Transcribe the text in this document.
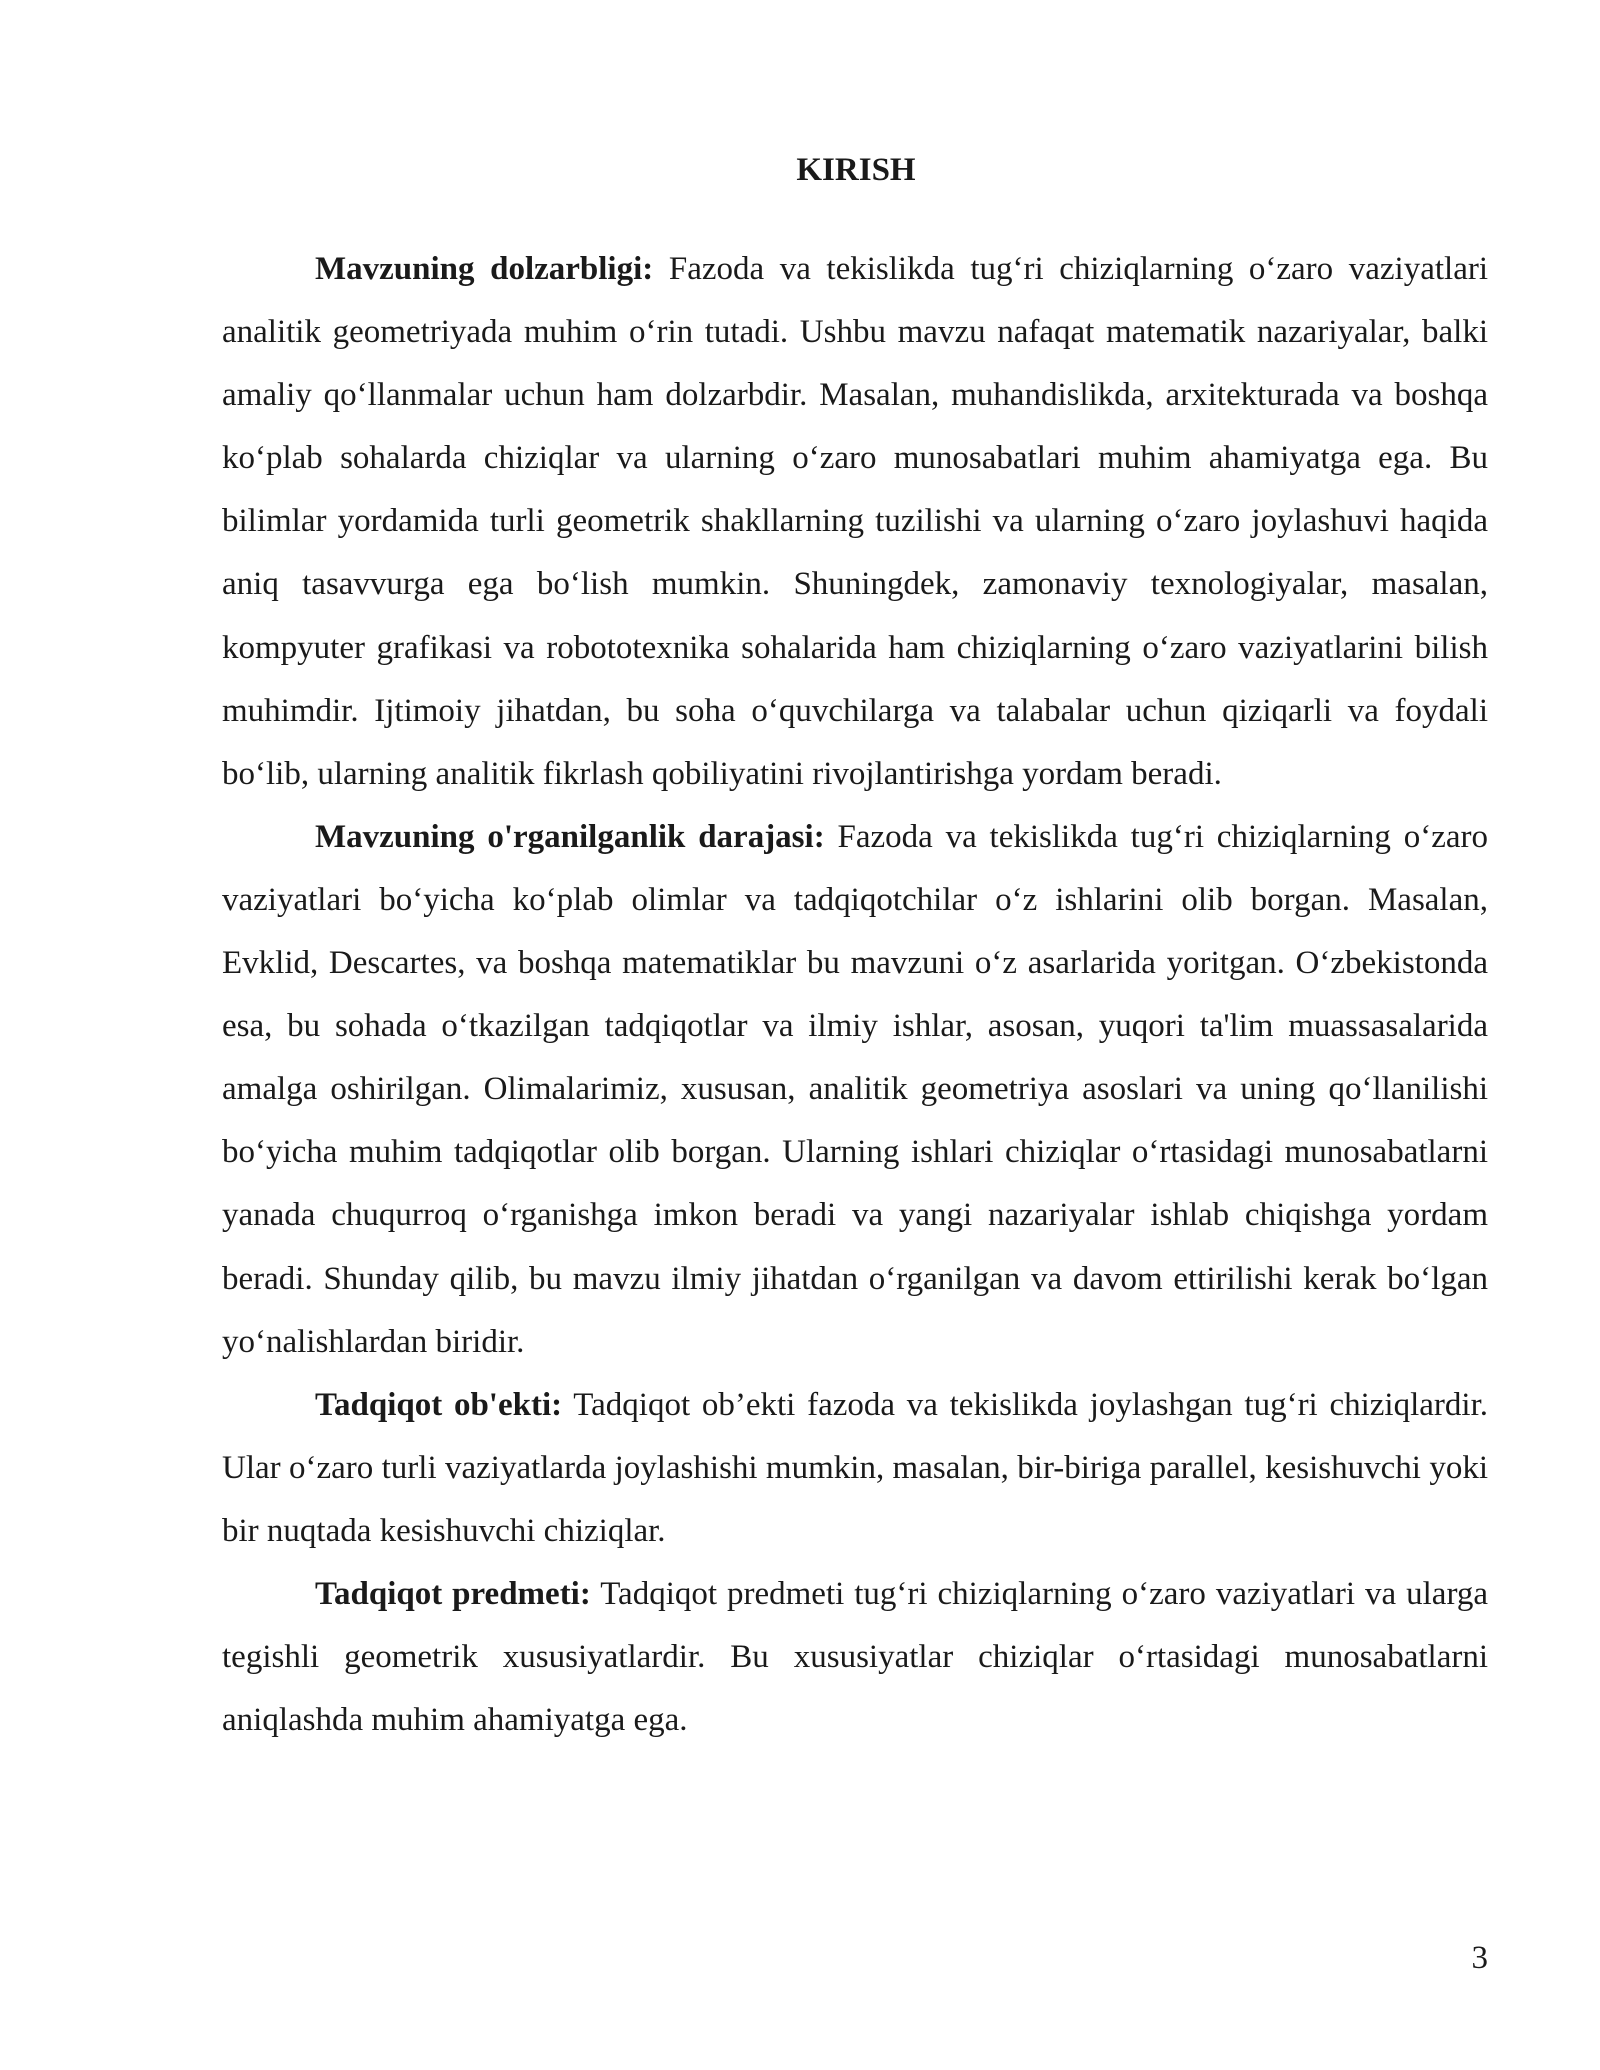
KIRISH

Mavzuning dolzarbligi: Fazoda va tekislikda tug‘ri chiziqlarning o‘zaro vaziyatlari analitik geometriyada muhim o‘rin tutadi. Ushbu mavzu nafaqat matematik nazariyalar, balki amaliy qo‘llanmalar uchun ham dolzarbdir. Masalan, muhandislikda, arxitekturada va boshqa ko‘plab sohalarda chiziqlar va ularning o‘zaro munosabatlari muhim ahamiyatga ega. Bu bilimlar yordamida turli geometrik shakllarning tuzilishi va ularning o‘zaro joylashuvi haqida aniq tasavvurga ega bo‘lish mumkin. Shuningdek, zamonaviy texnologiyalar, masalan, kompyuter grafikasi va robototexnika sohalarida ham chiziqlarning o‘zaro vaziyatlarini bilish muhimdir. Ijtimoiy jihatdan, bu soha o‘quvchilarga va talabalar uchun qiziqarli va foydali bo‘lib, ularning analitik fikrlash qobiliyatini rivojlantirishga yordam beradi.

Mavzuning o'rganilganlik darajasi: Fazoda va tekislikda tug‘ri chiziqlarning o‘zaro vaziyatlari bo‘yicha ko‘plab olimlar va tadqiqotchilar o‘z ishlarini olib borgan. Masalan, Evklid, Descartes, va boshqa matematiklar bu mavzuni o‘z asarlarida yoritgan. O‘zbekistonda esa, bu sohada o‘tkazilgan tadqiqotlar va ilmiy ishlar, asosan, yuqori ta'lim muassasalarida amalga oshirilgan. Olimalarimiz, xususan, analitik geometriya asoslari va uning qo‘llanilishi bo‘yicha muhim tadqiqotlar olib borgan. Ularning ishlari chiziqlar o‘rtasidagi munosabatlarni yanada chuqurroq o‘rganishga imkon beradi va yangi nazariyalar ishlab chiqishga yordam beradi. Shunday qilib, bu mavzu ilmiy jihatdan o‘rganilgan va davom ettirilishi kerak bo‘lgan yo‘nalishlardan biridir.

Tadqiqot ob'ekti: Tadqiqot ob’ekti fazoda va tekislikda joylashgan tug‘ri chiziqlardir. Ular o‘zaro turli vaziyatlarda joylashishi mumkin, masalan, bir-biriga parallel, kesishuvchi yoki bir nuqtada kesishuvchi chiziqlar.

Tadqiqot predmeti: Tadqiqot predmeti tug‘ri chiziqlarning o‘zaro vaziyatlari va ularga tegishli geometrik xususiyatlardir. Bu xususiyatlar chiziqlar o‘rtasidagi munosabatlarni aniqlashda muhim ahamiyatga ega.

3
